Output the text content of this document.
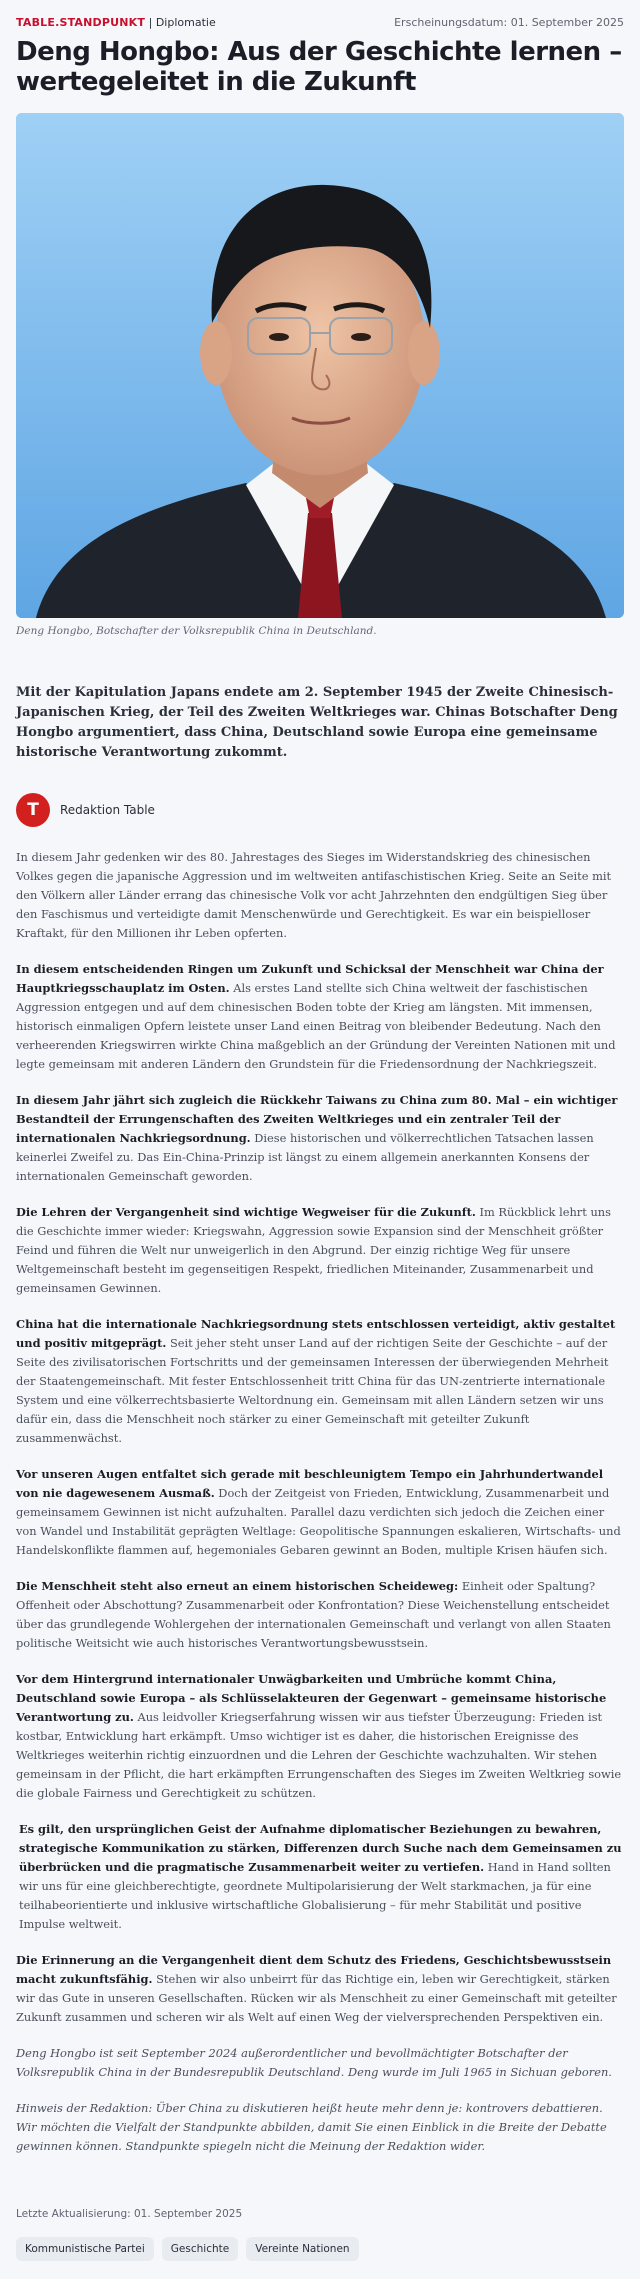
TABLE.STANDPUNKT | Diplomatie	Erscheinungsdatum: 01. September 2025
Deng Hongbo: Aus der Geschichte lernen – wertegeleitet in die Zukunft

Deng Hongbo, Botschafter der Volksrepublik China in Deutschland.

Mit der Kapitulation Japans endete am 2. September 1945 der Zweite Chinesisch-Japanischen Krieg, der Teil des Zweiten Weltkrieges war. Chinas Botschafter Deng Hongbo argumentiert, dass China, Deutschland sowie Europa eine gemeinsame historische Verantwortung zukommt.

T	Redaktion Table

In diesem Jahr gedenken wir des 80. Jahrestages des Sieges im Widerstandskrieg des chinesischen Volkes gegen die japanische Aggression und im weltweiten antifaschistischen Krieg. Seite an Seite mit den Völkern aller Länder errang das chinesische Volk vor acht Jahrzehnten den endgültigen Sieg über den Faschismus und verteidigte damit Menschenwürde und Gerechtigkeit. Es war ein beispielloser Kraftakt, für den Millionen ihr Leben opferten.

In diesem entscheidenden Ringen um Zukunft und Schicksal der Menschheit war China der Hauptkriegsschauplatz im Osten. Als erstes Land stellte sich China weltweit der faschistischen Aggression entgegen und auf dem chinesischen Boden tobte der Krieg am längsten. Mit immensen, historisch einmaligen Opfern leistete unser Land einen Beitrag von bleibender Bedeutung. Nach den verheerenden Kriegswirren wirkte China maßgeblich an der Gründung der Vereinten Nationen mit und legte gemeinsam mit anderen Ländern den Grundstein für die Friedensordnung der Nachkriegszeit.

In diesem Jahr jährt sich zugleich die Rückkehr Taiwans zu China zum 80. Mal – ein wichtiger Bestandteil der Errungenschaften des Zweiten Weltkrieges und ein zentraler Teil der internationalen Nachkriegsordnung. Diese historischen und völkerrechtlichen Tatsachen lassen keinerlei Zweifel zu. Das Ein-China-Prinzip ist längst zu einem allgemein anerkannten Konsens der internationalen Gemeinschaft geworden.

Die Lehren der Vergangenheit sind wichtige Wegweiser für die Zukunft. Im Rückblick lehrt uns die Geschichte immer wieder: Kriegswahn, Aggression sowie Expansion sind der Menschheit größter Feind und führen die Welt nur unweigerlich in den Abgrund. Der einzig richtige Weg für unsere Weltgemeinschaft besteht im gegenseitigen Respekt, friedlichen Miteinander, Zusammenarbeit und gemeinsamen Gewinnen.

China hat die internationale Nachkriegsordnung stets entschlossen verteidigt, aktiv gestaltet und positiv mitgeprägt. Seit jeher steht unser Land auf der richtigen Seite der Geschichte – auf der Seite des zivilisatorischen Fortschritts und der gemeinsamen Interessen der überwiegenden Mehrheit der Staatengemeinschaft. Mit fester Entschlossenheit tritt China für das UN-zentrierte internationale System und eine völkerrechtsbasierte Weltordnung ein. Gemeinsam mit allen Ländern setzen wir uns dafür ein, dass die Menschheit noch stärker zu einer Gemeinschaft mit geteilter Zukunft zusammenwächst.

Vor unseren Augen entfaltet sich gerade mit beschleunigtem Tempo ein Jahrhundertwandel von nie dagewesenem Ausmaß. Doch der Zeitgeist von Frieden, Entwicklung, Zusammenarbeit und gemeinsamem Gewinnen ist nicht aufzuhalten. Parallel dazu verdichten sich jedoch die Zeichen einer von Wandel und Instabilität geprägten Weltlage: Geopolitische Spannungen eskalieren, Wirtschafts- und Handelskonflikte flammen auf, hegemoniales Gebaren gewinnt an Boden, multiple Krisen häufen sich.

Die Menschheit steht also erneut an einem historischen Scheideweg: Einheit oder Spaltung? Offenheit oder Abschottung? Zusammenarbeit oder Konfrontation? Diese Weichenstellung entscheidet über das grundlegende Wohlergehen der internationalen Gemeinschaft und verlangt von allen Staaten politische Weitsicht wie auch historisches Verantwortungsbewusstsein.

Vor dem Hintergrund internationaler Unwägbarkeiten und Umbrüche kommt China, Deutschland sowie Europa – als Schlüsselakteuren der Gegenwart – gemeinsame historische Verantwortung zu. Aus leidvoller Kriegserfahrung wissen wir aus tiefster Überzeugung: Frieden ist kostbar, Entwicklung hart erkämpft. Umso wichtiger ist es daher, die historischen Ereignisse des Weltkrieges weiterhin richtig einzuordnen und die Lehren der Geschichte wachzuhalten. Wir stehen gemeinsam in der Pflicht, die hart erkämpften Errungenschaften des Sieges im Zweiten Weltkrieg sowie die globale Fairness und Gerechtigkeit zu schützen.

Es gilt, den ursprünglichen Geist der Aufnahme diplomatischer Beziehungen zu bewahren, strategische Kommunikation zu stärken, Differenzen durch Suche nach dem Gemeinsamen zu überbrücken und die pragmatische Zusammenarbeit weiter zu vertiefen. Hand in Hand sollten wir uns für eine gleichberechtigte, geordnete Multipolarisierung der Welt starkmachen, ja für eine teilhabeorientierte und inklusive wirtschaftliche Globalisierung – für mehr Stabilität und positive Impulse weltweit.

Die Erinnerung an die Vergangenheit dient dem Schutz des Friedens, Geschichtsbewusstsein macht zukunftsfähig. Stehen wir also unbeirrt für das Richtige ein, leben wir Gerechtigkeit, stärken wir das Gute in unseren Gesellschaften. Rücken wir als Menschheit zu einer Gemeinschaft mit geteilter Zukunft zusammen und scheren wir als Welt auf einen Weg der vielversprechenden Perspektiven ein.

Deng Hongbo ist seit September 2024 außerordentlicher und bevollmächtigter Botschafter der Volksrepublik China in der Bundesrepublik Deutschland. Deng wurde im Juli 1965 in Sichuan geboren.

Hinweis der Redaktion: Über China zu diskutieren heißt heute mehr denn je: kontrovers debattieren. Wir möchten die Vielfalt der Standpunkte abbilden, damit Sie einen Einblick in die Breite der Debatte gewinnen können. Standpunkte spiegeln nicht die Meinung der Redaktion wider.

Letzte Aktualisierung: 01. September 2025
Kommunistische Partei	Geschichte	Vereinte Nationen
